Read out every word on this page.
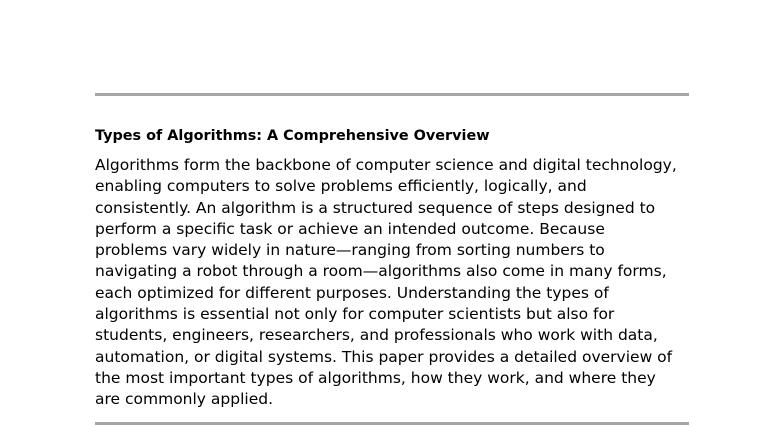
Types of Algorithms: A Comprehensive Overview

Algorithms form the backbone of computer science and digital technology,
enabling computers to solve problems efficiently, logically, and
consistently. An algorithm is a structured sequence of steps designed to
perform a specific task or achieve an intended outcome. Because
problems vary widely in nature—ranging from sorting numbers to
navigating a robot through a room—algorithms also come in many forms,
each optimized for different purposes. Understanding the types of
algorithms is essential not only for computer scientists but also for
students, engineers, researchers, and professionals who work with data,
automation, or digital systems. This paper provides a detailed overview of
the most important types of algorithms, how they work, and where they
are commonly applied.
